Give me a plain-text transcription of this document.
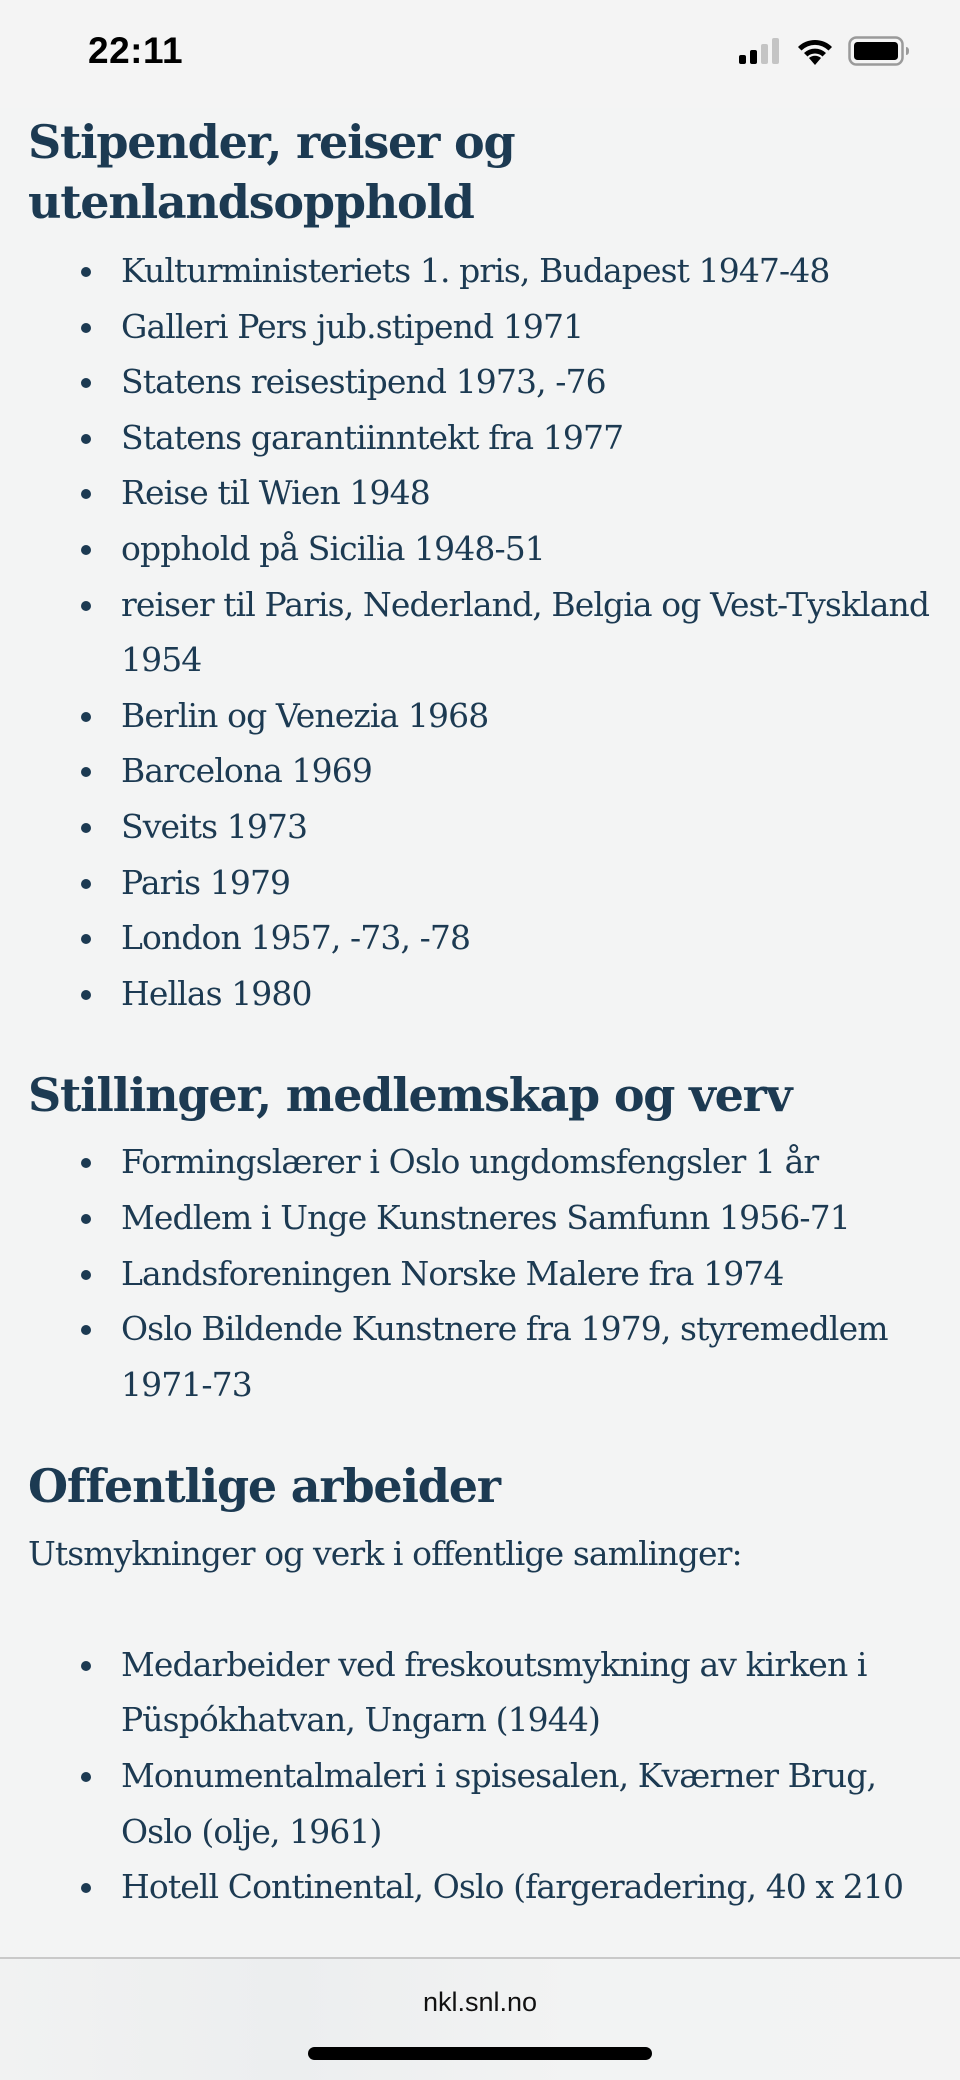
22:11
Stipender, reiser og
utenlandsopphold
Kulturministeriets 1. pris, Budapest 1947-48
Galleri Pers jub.stipend 1971
Statens reisestipend 1973, -76
Statens garantiinntekt fra 1977
Reise til Wien 1948
opphold på Sicilia 1948-51
reiser til Paris, Nederland, Belgia og Vest-Tyskland 1954
Berlin og Venezia 1968
Barcelona 1969
Sveits 1973
Paris 1979
London 1957, -73, -78
Hellas 1980
Stillinger, medlemskap og verv
Formingslærer i Oslo ungdomsfengsler 1 år
Medlem i Unge Kunstneres Samfunn 1956-71
Landsforeningen Norske Malere fra 1974
Oslo Bildende Kunstnere fra 1979, styremedlem 1971-73
Offentlige arbeider

Utsmykninger og verk i offentlige samlinger:

Medarbeider ved freskoutsmykning av kirken i Püspókhatvan, Ungarn (1944)
Monumentalmaleri i spisesalen, Kværner Brug, Oslo (olje, 1961)
Hotell Continental, Oslo (fargeradering, 40 x 210
nkl.snl.no
